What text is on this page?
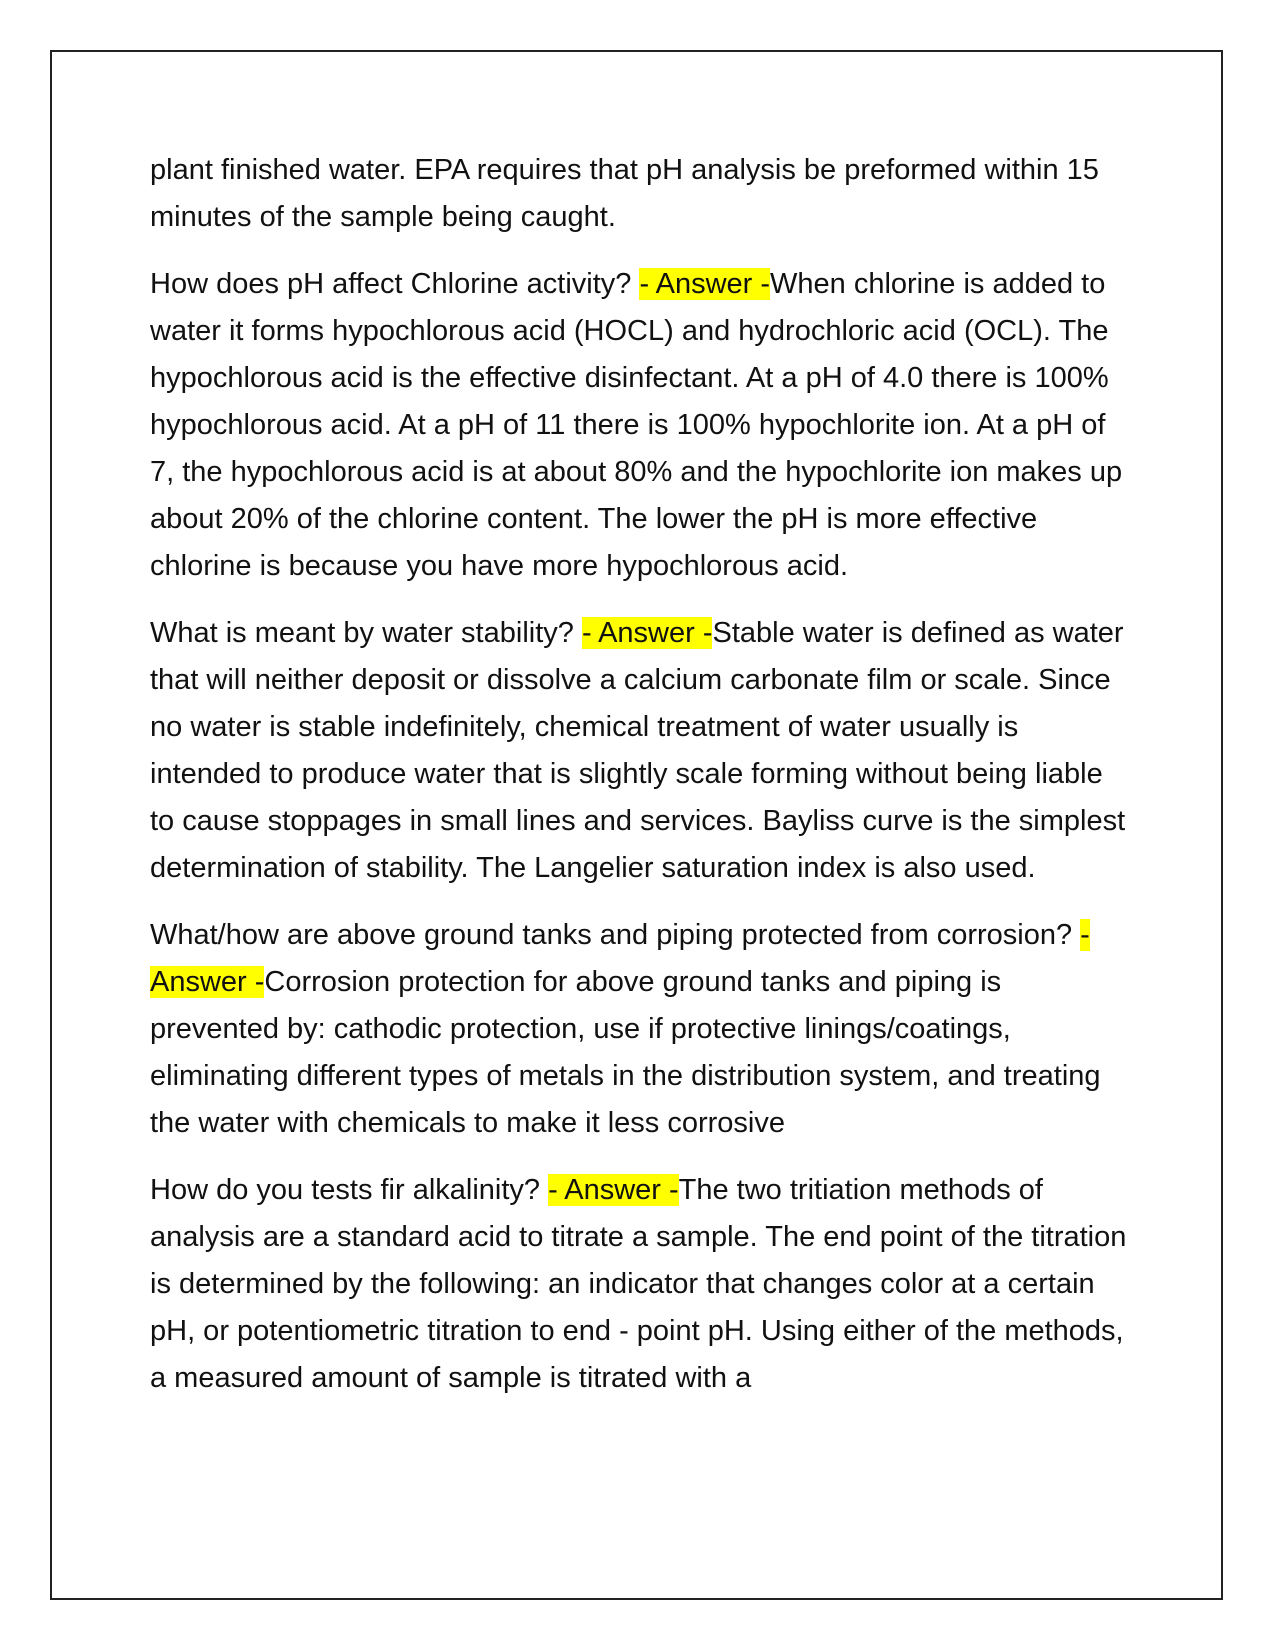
plant finished water. EPA requires that pH analysis be preformed within 15 minutes of the sample being caught.

How does pH affect Chlorine activity? - Answer -When chlorine is added to water it forms hypochlorous acid (HOCL) and hydrochloric acid (OCL). The hypochlorous acid is the effective disinfectant. At a pH of 4.0 there is 100% hypochlorous acid. At a pH of 11 there is 100% hypochlorite ion. At a pH of 7, the hypochlorous acid is at about 80% and the hypochlorite ion makes up about 20% of the chlorine content. The lower the pH is more effective chlorine is because you have more hypochlorous acid.

What is meant by water stability? - Answer -Stable water is defined as water that will neither deposit or dissolve a calcium carbonate film or scale. Since no water is stable indefinitely, chemical treatment of water usually is intended to produce water that is slightly scale forming without being liable to cause stoppages in small lines and services. Bayliss curve is the simplest determination of stability. The Langelier saturation index is also used.

What/how are above ground tanks and piping protected from corrosion? - Answer -Corrosion protection for above ground tanks and piping is prevented by: cathodic protection, use if protective linings/coatings, eliminating different types of metals in the distribution system, and treating the water with chemicals to make it less corrosive

How do you tests fir alkalinity? - Answer -The two tritiation methods of analysis are a standard acid to titrate a sample. The end point of the titration is determined by the following: an indicator that changes color at a certain pH, or potentiometric titration to end - point pH. Using either of the methods, a measured amount of sample is titrated with a
